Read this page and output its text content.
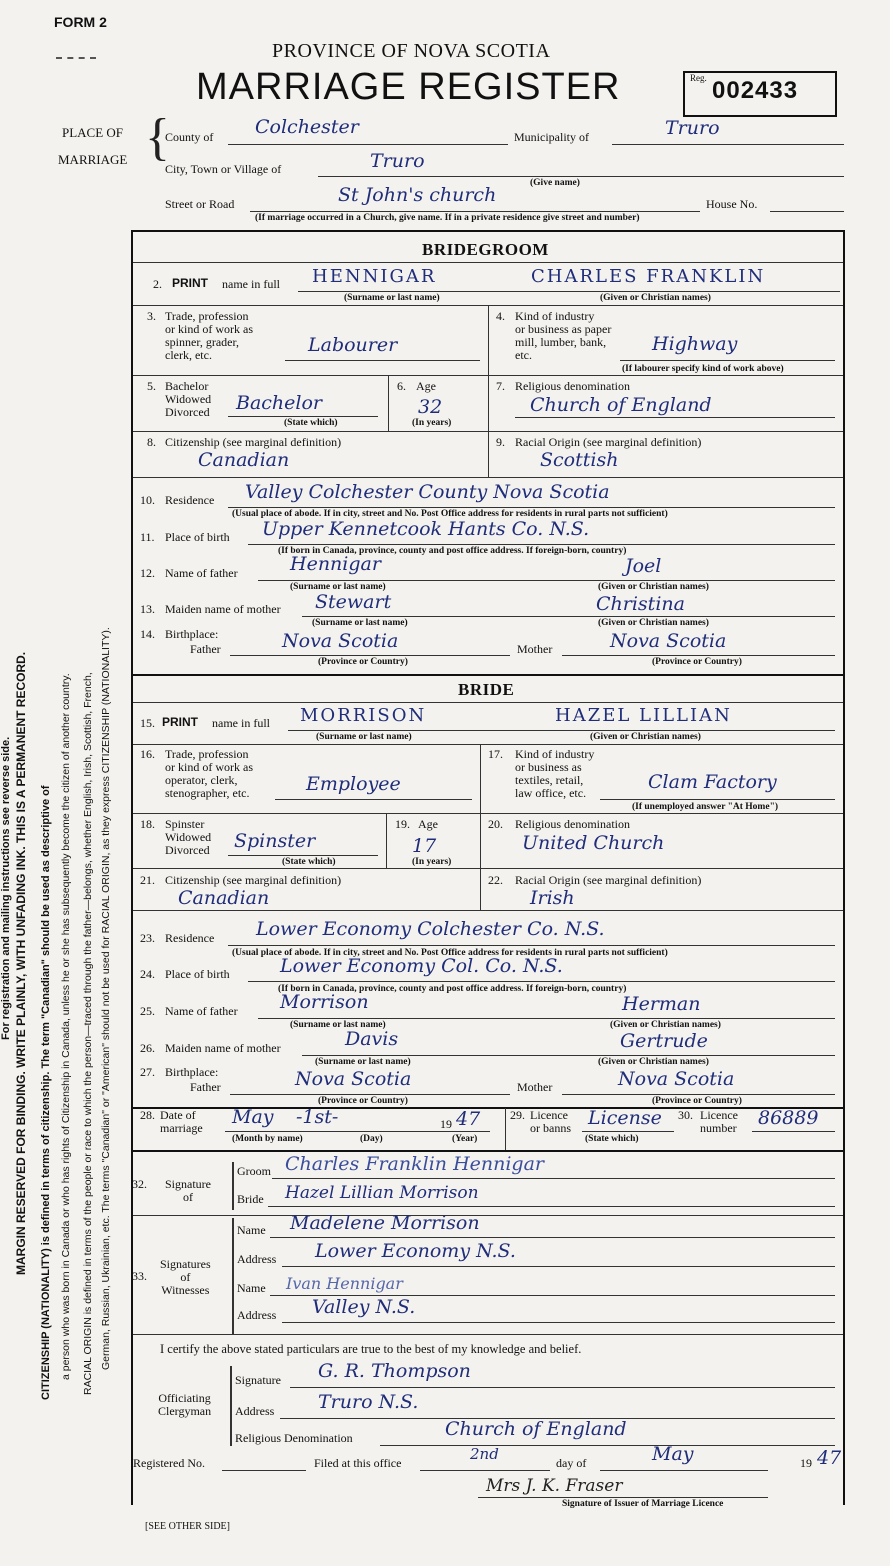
FORM 2
PROVINCE OF NOVA SCOTIA
MARRIAGE REGISTER	Reg. 002433
PLACE OF
MARRIAGE {
County of Colchester	Municipality of	Truro
City, Town or Village of	Truro
Street or Road
(Give name)
St John's church	House No.
(If marriage occurred in a Church, give name. If in a private residence give street and number)
BRIDEGROOM
2. PRINT name in full HENNIGAR	CHARLES FRANKLIN
(Surname or last name)	(Given or Christian names)
3. Trade, profession
or kind of work as
spinner, grader,
clerk, etc.	Labourer
4. Kind of industry
or business as paper
mill, lumber, bank,
etc.	Highway
(If labourer specify kind of work above)
5. Bachelor
Widowed
Divorced Bachelor
(State which)
6. Age
32
(In years)
7. Religious denomination
Church of England
8. Citizenship (see marginal definition)
Canadian
9. Racial Origin (see marginal definition)
Scottish
10. Residence Valley Colchester County Nova Scotia
(Usual place of abode. If in city, street and No. Post Office address for residents in rural parts not sufficient)
11. Place of birth Upper Kennetcook Hants Co. N.S.
(If born in Canada, province, county and post office address. If foreign-born, country)
12. Name of father	Hennigar	Joel
(Surname or last name)	(Given or Christian names)
13. Maiden name of mother Stewart	Christina
(Surname or last name)	(Given or Christian names)
14. Birthplace:
Father	Nova Scotia	Mother	Nova Scotia
(Province or Country)	(Province or Country)
BRIDE
15. PRINT name in full MORRISON	HAZEL LILLIAN
(Surname or last name)	(Given or Christian names)
16. Trade, profession
or kind of work as
operator, clerk,
stenographer, etc.	Employee
17. Kind of industry
or business as
textiles, retail,
law office, etc.	Clam Factory
(If unemployed answer "At Home")
18. Spinster
Widowed
Divorced Spinster
(State which)
19. Age
17
(In years)
20. Religious denomination
United Church
21. Citizenship (see marginal definition)
Canadian
22. Racial Origin (see marginal definition)
Irish
23. Residence Lower Economy Colchester Co. N.S.
(Usual place of abode. If in city, street and No. Post Office address for residents in rural parts not sufficient)
24. Place of birth	Lower Economy Col. Co. N.S.
(If born in Canada, province, county and post office address. If foreign-born, country)
25. Name of father Morrison	Herman
(Surname or last name)	(Given or Christian names)
26. Maiden name of mother	Davis	Gertrude
(Surname or last name)	(Given or Christian names)
27. Birthplace:
Father	Nova Scotia	Mother	Nova Scotia
(Province or Country)	(Province or Country)
28. Date of
marriage May -1st-	19 47
(Month by name)	(Day)	(Year)
29. Licence
or banns License
(State which)
30. Licence
number 86889
32. Signature
of
Groom Charles Franklin Hennigar
Bride Hazel Lillian Morrison
33.
Signatures
of
Witnesses
Name Madelene Morrison
Address Lower Economy N.S.
Name Ivan Hennigar
Address Valley N.S.
I certify the above stated particulars are true to the best of my knowledge and belief.
Officiating
Clergyman
Signature G. R. Thompson
Address Truro N.S.
Religious Denomination	Church of England
Registered No.	Filed at this office	2nd	day of	May	19 47
Mrs J. K. Fraser
Signature of Issuer of Marriage Licence
[SEE OTHER SIDE]
For registration and mailing instructions see reverse side. MARGIN RESERVED FOR BINDING. WRITE PLAINLY, WITH UNFADING INK. THIS IS A PERMANENT RECORD. CITIZENSHIP (NATIONALITY) is defined in terms of citizenship. The term "Canadian" should be used as descriptive of a person who was born in Canada or who has rights of Citizenship in Canada, unless he or she has subsequently become the citizen of another country. RACIAL ORIGIN is defined in terms of the people or race to which the person—traced through the father—belongs, whether English, Irish, Scottish, French, German, Russian, Ukrainian, etc. The terms "Canadian" or "American" should not be used for RACIAL ORIGIN, as they express CITIZENSHIP (NATIONALITY).
